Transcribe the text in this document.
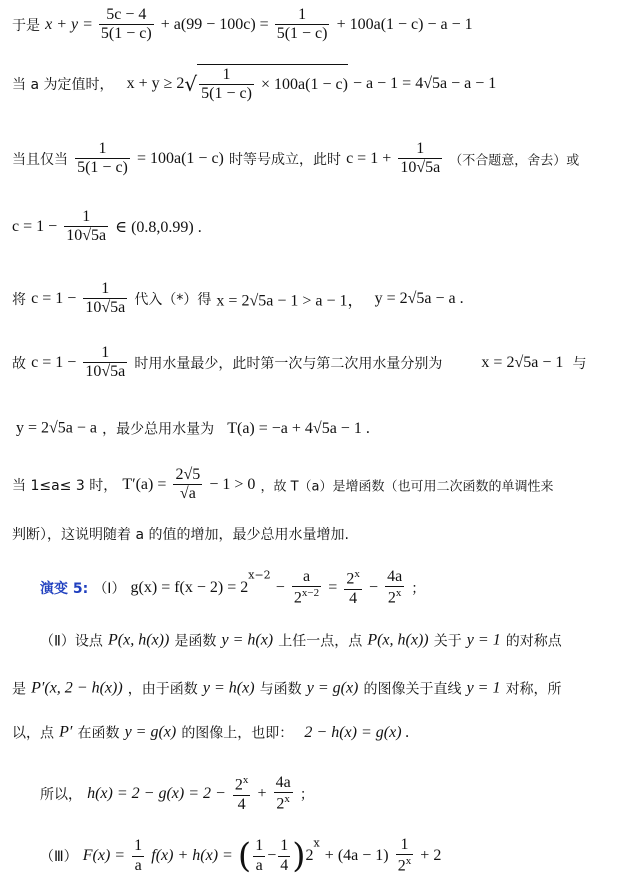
于是 $x + y = \frac{5c - 4}{5(1 - c)} + a(99 - 100c) = \frac{1}{5(1 - c)} + 100a(1 - c) - a - 1$
当 a 为定值时， $x + y \ge 2√ \frac{1}{5(1 - c)} \times 100a(1 - c) - a - 1 = 4√5a - a - 1$
当且仅当 $\frac{1}{5(1 - c)} = 100a(1 - c)$ 时等号成立，此时 $c = 1 + \frac{1}{10√5a}$ （不合题意，舍去）或
$c = 1 - \frac{1}{10√5a}$ ∈ (0.8,0.99) .
将 $c = 1 - \frac{1}{10√5a}$ 代入（*）得 x = 2√5a − 1 > a − 1， y = 2√5a − a .
故 $c = 1 - \frac{1}{10√5a}$ 时用水量最少，此时第一次与第二次用水量分别为 x = 2√5a − 1 与
y = 2√5a − a ，最少总用水量为 T(a) = −a + 4√5a − 1 .
当 1≤a≤ 3 时， $T'(a) = \frac{2√5}{√a} - 1 > 0$ ，故 T（a）是增函数（也可用二次函数的单调性来
判断），这说明随着 a 的值的增加，最少总用水量增加.
演变 5: （Ⅰ） $g(x) = f(x - 2) = 2^{x-2} - \frac{a}{2^{x-2}} = \frac{2^x}{4} - \frac{4a}{2^x}$ ；
（Ⅱ）设点 P(x, h(x)) 是函数 y = h(x) 上任一点，点 P(x, h(x)) 关于 y = 1 的对称点
是 P′(x, 2 − h(x)) ，由于函数 y = h(x) 与函数 y = g(x) 的图像关于直线 y = 1 对称，所
以，点 P′ 在函数 y = g(x) 的图像上，也即： 2 − h(x) = g(x) .
所以， $h(x) = 2 - g(x) = 2 - \frac{2^x}{4} + \frac{4a}{2^x}$ ；
（Ⅲ） $F(x) = \frac{1}{a} f(x) + h(x)$ = ( $\frac{1}{a} - \frac{1}{4} )2^x + (4a - 1) \frac{1}{2^x} + 2$
